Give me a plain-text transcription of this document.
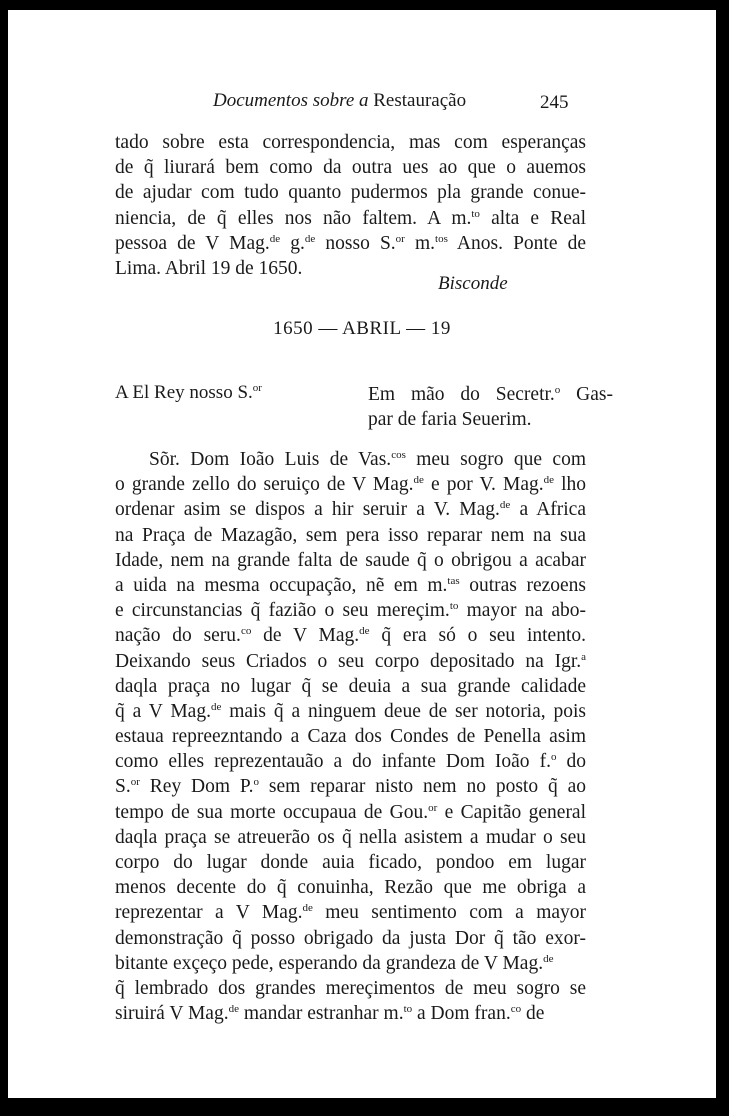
Documentos sobre a Restauração	245
tado sobre esta correspondencia, mas com esperanças
de q̃ liurará bem como da outra ues ao que o auemos
de ajudar com tudo quanto pudermos pla grande conue-
niencia, de q̃ elles nos não faltem. A m.$^{to}$ alta e Real
pessoa de V Mag.$^{de}$ g.$^{de}$ nosso S.$^{or}$ m.$^{tos}$ Anos. Ponte de
Lima. Abril 19 de 1650.
Bisconde
1650 — ABRIL — 19
A El Rey nosso S.$^{or}$	Em mão do Secretr.$^o$ Gas-
par de faria Seuerim.
Sõr. Dom Ioão Luis de Vas.$^{cos}$ meu sogro que com
o grande zello do seruiço de V Mag.$^{de}$ e por V. Mag.$^{de}$ lho
ordenar asim se dispos a hir seruir a V. Mag.$^{de}$ a Africa
na Praça de Mazagão, sem pera isso reparar nem na sua
Idade, nem na grande falta de saude q̃ o obrigou a acabar
a uida na mesma occupação, nẽ em m.$^{tas}$ outras rezoens
e circunstancias q̃ fazião o seu mereçim.$^{to}$ mayor na abo-
nação do seru.$^{co}$ de V Mag.$^{de}$ q̃ era só o seu intento.
Deixando seus Criados o seu corpo depositado na Igr.$^a$
daqla praça no lugar q̃ se deuia a sua grande calidade
q̃ a V Mag.$^{de}$ mais q̃ a ninguem deue de ser notoria, pois
estaua repreezntando a Caza dos Condes de Penella asim
como elles reprezentauão a do infante Dom Ioão f.$^o$ do
S.$^{or}$ Rey Dom P.$^o$ sem reparar nisto nem no posto q̃ ao
tempo de sua morte occupaua de Gou.$^{or}$ e Capitão general
daqla praça se atreuerão os q̃ nella asistem a mudar o seu
corpo do lugar donde auia ficado, pondoo em lugar
menos decente do q̃ conuinha, Rezão que me obriga a
reprezentar a V Mag.$^{de}$ meu sentimento com a mayor
demonstração q̃ posso obrigado da justa Dor q̃ tão exor-
bitante exçeço pede, esperando da grandeza de V Mag.$^{de}$
q̃ lembrado dos grandes mereçimentos de meu sogro se
siruirá V Mag.$^{de}$ mandar estranhar m.$^{to}$ a Dom fran.$^{co}$ de
